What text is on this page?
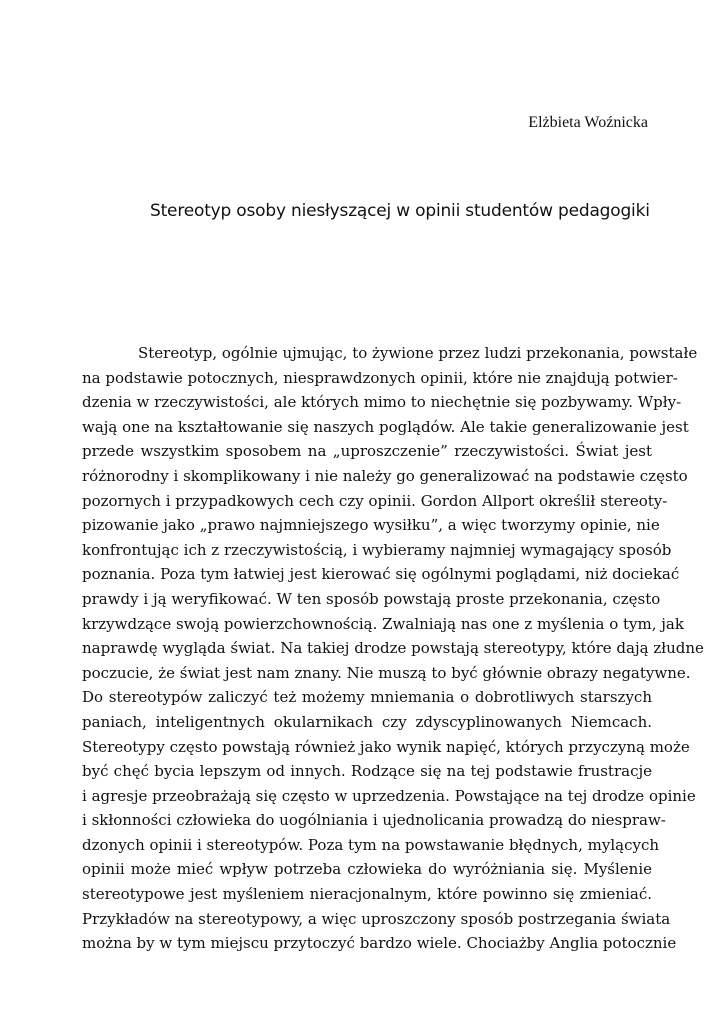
Elżbieta Woźnicka
Stereotyp osoby niesłyszącej w opinii studentów pedagogiki
Stereotyp, ogólnie ujmując, to żywione przez ludzi przekonania, powstałe
na podstawie potocznych, niesprawdzonych opinii, które nie znajdują potwier-
dzenia w rzeczywistości, ale których mimo to niechętnie się pozbywamy. Wpły-
wają one na kształtowanie się naszych poglądów. Ale takie generalizowanie jest
przede wszystkim sposobem na „uproszczenie” rzeczywistości. Świat jest
różnorodny i skomplikowany i nie należy go generalizować na podstawie często
pozornych i przypadkowych cech czy opinii. Gordon Allport określił stereoty-
pizowanie jako „prawo najmniejszego wysiłku”, a więc tworzymy opinie, nie
konfrontując ich z rzeczywistością, i wybieramy najmniej wymagający sposób
poznania. Poza tym łatwiej jest kierować się ogólnymi poglądami, niż dociekać
prawdy i ją weryfikować. W ten sposób powstają proste przekonania, często
krzywdzące swoją powierzchownością. Zwalniają nas one z myślenia o tym, jak
naprawdę wygląda świat. Na takiej drodze powstają stereotypy, które dają złudne
poczucie, że świat jest nam znany. Nie muszą to być głównie obrazy negatywne.
Do stereotypów zaliczyć też możemy mniemania o dobrotliwych starszych
paniach, inteligentnych okularnikach czy zdyscyplinowanych Niemcach.
Stereotypy często powstają również jako wynik napięć, których przyczyną może
być chęć bycia lepszym od innych. Rodzące się na tej podstawie frustracje
i agresje przeobrażają się często w uprzedzenia. Powstające na tej drodze opinie
i skłonności człowieka do uogólniania i ujednolicania prowadzą do niespraw-
dzonych opinii i stereotypów. Poza tym na powstawanie błędnych, mylących
opinii może mieć wpływ potrzeba człowieka do wyróżniania się. Myślenie
stereotypowe jest myśleniem nieracjonalnym, które powinno się zmieniać.
Przykładów na stereotypowy, a więc uproszczony sposób postrzegania świata
można by w tym miejscu przytoczyć bardzo wiele. Chociażby Anglia potocznie
